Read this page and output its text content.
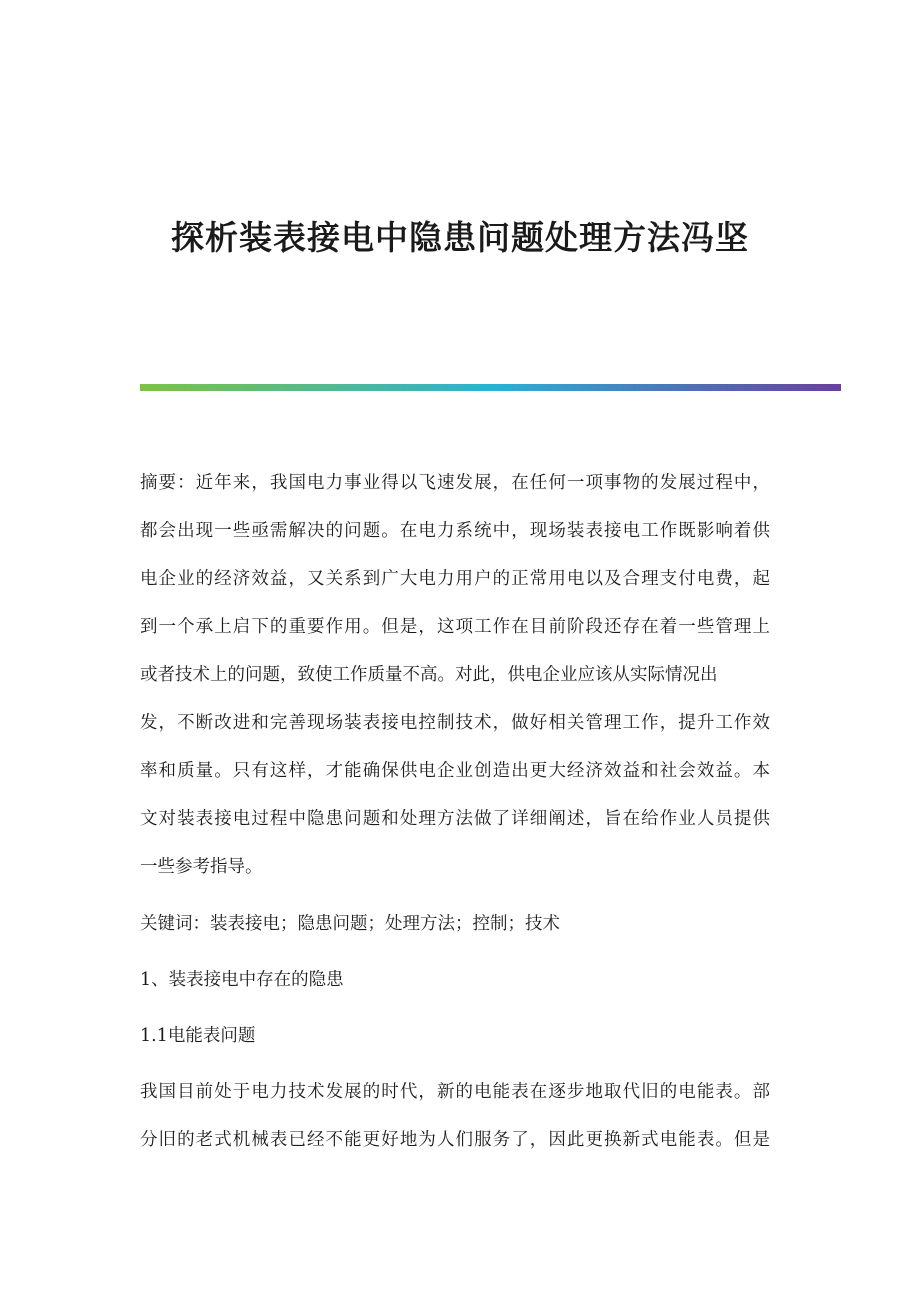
探析装表接电中隐患问题处理方法冯坚

摘要：近年来，我国电力事业得以飞速发展，在任何一项事物的发展过程中，

都会出现一些亟需解决的问题。在电力系统中，现场装表接电工作既影响着供

电企业的经济效益，又关系到广大电力用户的正常用电以及合理支付电费，起

到一个承上启下的重要作用。但是，这项工作在目前阶段还存在着一些管理上

或者技术上的问题，致使工作质量不高。对此，供电企业应该从实际情况出

发，不断改进和完善现场装表接电控制技术，做好相关管理工作，提升工作效

率和质量。只有这样，才能确保供电企业创造出更大经济效益和社会效益。本

文对装表接电过程中隐患问题和处理方法做了详细阐述，旨在给作业人员提供

一些参考指导。

关键词：装表接电；隐患问题；处理方法；控制；技术

1、装表接电中存在的隐患

1.1电能表问题

我国目前处于电力技术发展的时代，新的电能表在逐步地取代旧的电能表。部

分旧的老式机械表已经不能更好地为人们服务了，因此更换新式电能表。但是
